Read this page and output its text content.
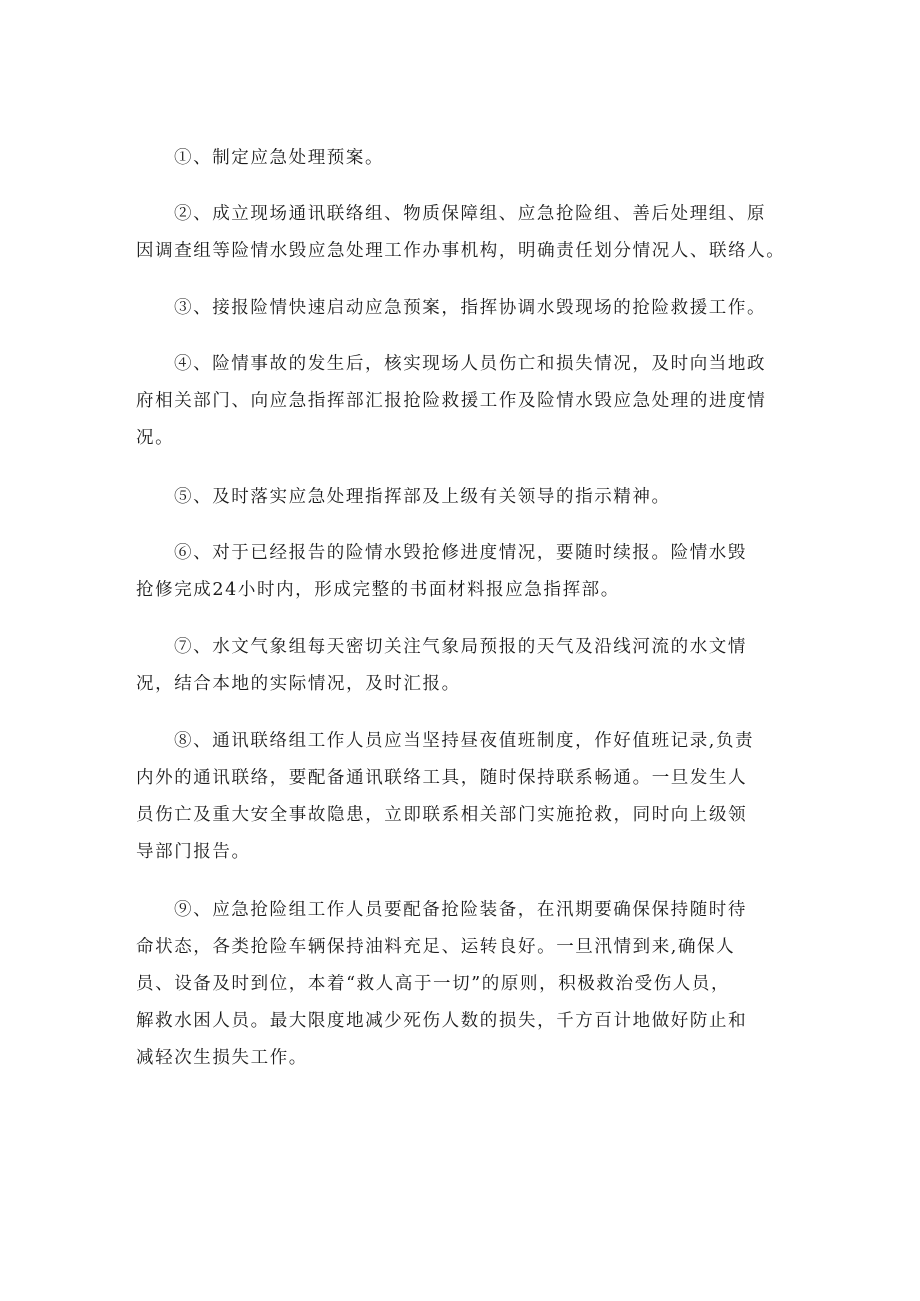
①、制定应急处理预案。
②、成立现场通讯联络组、物质保障组、应急抢险组、善后处理组、原
因调查组等险情水毁应急处理工作办事机构，明确责任划分情况人、联络人。
③、接报险情快速启动应急预案，指挥协调水毁现场的抢险救援工作。
④、险情事故的发生后，核实现场人员伤亡和损失情况，及时向当地政
府相关部门、向应急指挥部汇报抢险救援工作及险情水毁应急处理的进度情
况。
⑤、及时落实应急处理指挥部及上级有关领导的指示精神。
⑥、对于已经报告的险情水毁抢修进度情况，要随时续报。险情水毁
抢修完成24小时内，形成完整的书面材料报应急指挥部。
⑦、水文气象组每天密切关注气象局预报的天气及沿线河流的水文情
况，结合本地的实际情况，及时汇报。
⑧、通讯联络组工作人员应当坚持昼夜值班制度，作好值班记录,负责
内外的通讯联络，要配备通讯联络工具，随时保持联系畅通。一旦发生人
员伤亡及重大安全事故隐患，立即联系相关部门实施抢救，同时向上级领
导部门报告。
⑨、应急抢险组工作人员要配备抢险装备，在汛期要确保保持随时待
命状态，各类抢险车辆保持油料充足、运转良好。一旦汛情到来,确保人
员、设备及时到位，本着“救人高于一切”的原则，积极救治受伤人员，
解救水困人员。最大限度地减少死伤人数的损失，千方百计地做好防止和
减轻次生损失工作。
